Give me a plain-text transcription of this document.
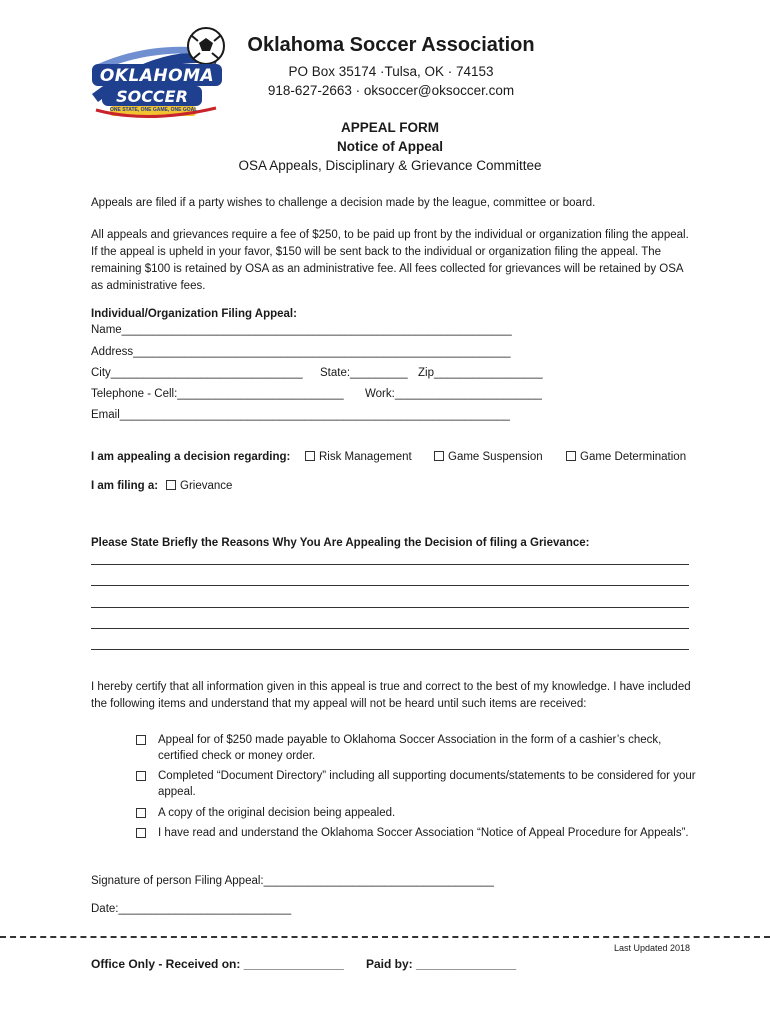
OKLAHOMA
SOCCER
ONE STATE, ONE GAME, ONE GOAL
Oklahoma Soccer Association
PO Box 35174 ·Tulsa, OK · 74153
918-627-2663 · oksoccer@oksoccer.com
APPEAL FORM
Notice of Appeal
OSA Appeals, Disciplinary & Grievance Committee
Appeals are filed if a party wishes to challenge a decision made by the league, committee or board.
All appeals and grievances require a fee of $250, to be paid up front by the individual or organization filing the appeal. If the appeal is upheld in your favor, $150 will be sent back to the individual or organization filing the appeal. The remaining $100 is retained by OSA as an administrative fee. All fees collected for grievances will be retained by OSA as administrative fees.
Individual/Organization Filing Appeal:
Name_____________________________________________________________
Address___________________________________________________________
City______________________________ State:_________ Zip_________________
Telephone - Cell:__________________________ Work:_______________________
Email_____________________________________________________________
I am appealing a decision regarding:	Risk Management	Game Suspension	Game Determination
I am filing a:	Grievance
Please State Briefly the Reasons Why You Are Appealing the Decision of filing a Grievance:
I hereby certify that all information given in this appeal is true and correct to the best of my knowledge. I have included the following items and understand that my appeal will not be heard until such items are received:
Appeal for of $250 made payable to Oklahoma Soccer Association in the form of a cashier’s check, certified check or money order.
Completed “Document Directory” including all supporting documents/statements to be considered for your appeal.
A copy of the original decision being appealed.
I have read and understand the Oklahoma Soccer Association “Notice of Appeal Procedure for Appeals”.
Signature of person Filing Appeal:____________________________________
Date:___________________________
Last Updated 2018
Office Only - Received on: _______________ Paid by: _______________
